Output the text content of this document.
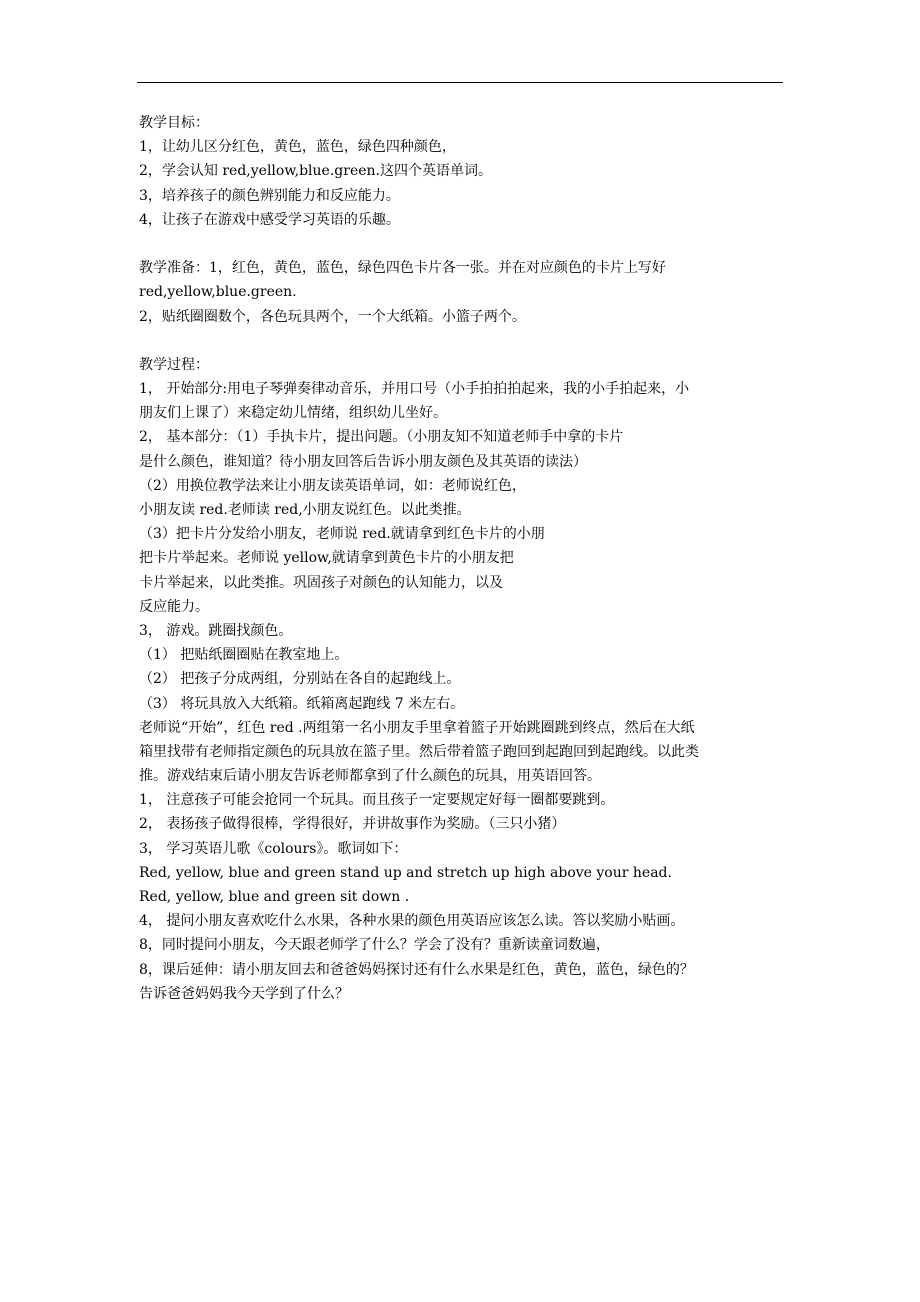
教学目标：
1，让幼儿区分红色，黄色，蓝色，绿色四种颜色，
2，学会认知 red,yellow,blue.green.这四个英语单词。
3，培养孩子的颜色辨别能力和反应能力。
4，让孩子在游戏中感受学习英语的乐趣。
教学准备：1，红色，黄色，蓝色，绿色四色卡片各一张。并在对应颜色的卡片上写好
red,yellow,blue.green.
2，贴纸圈圈数个，各色玩具两个，一个大纸箱。小篮子两个。
教学过程：
1， 开始部分:用电子琴弹奏律动音乐，并用口号（小手拍拍拍起来，我的小手拍起来，小
朋友们上课了）来稳定幼儿情绪，组织幼儿坐好。
2， 基本部分：（1）手执卡片，提出问题。（小朋友知不知道老师手中拿的卡片
是什么颜色，谁知道？待小朋友回答后告诉小朋友颜色及其英语的读法）
（2）用换位教学法来让小朋友读英语单词，如：老师说红色，
小朋友读 red.老师读 red,小朋友说红色。以此类推。
（3）把卡片分发给小朋友，老师说 red.就请拿到红色卡片的小朋
把卡片举起来。老师说 yellow,就请拿到黄色卡片的小朋友把
卡片举起来，以此类推。巩固孩子对颜色的认知能力，以及
反应能力。
3， 游戏。跳圈找颜色。
（1） 把贴纸圈圈贴在教室地上。
（2） 把孩子分成两组，分别站在各自的起跑线上。
（3） 将玩具放入大纸箱。纸箱离起跑线 7 米左右。
老师说“开始”，红色 red .两组第一名小朋友手里拿着篮子开始跳圈跳到终点，然后在大纸
箱里找带有老师指定颜色的玩具放在篮子里。然后带着篮子跑回到起跑回到起跑线。以此类
推。游戏结束后请小朋友告诉老师都拿到了什么颜色的玩具，用英语回答。
1， 注意孩子可能会抢同一个玩具。而且孩子一定要规定好每一圈都要跳到。
2， 表扬孩子做得很棒，学得很好，并讲故事作为奖励。（三只小猪）
3， 学习英语儿歌《colours》。歌词如下：
Red, yellow, blue and green stand up and stretch up high above your head.
Red, yellow, blue and green sit down .
4， 提问小朋友喜欢吃什么水果，各种水果的颜色用英语应该怎么读。答以奖励小贴画。
8，同时提问小朋友，今天跟老师学了什么？学会了没有？重新读童词数遍，
8，课后延伸：请小朋友回去和爸爸妈妈探讨还有什么水果是红色，黄色，蓝色，绿色的？
告诉爸爸妈妈我今天学到了什么？
